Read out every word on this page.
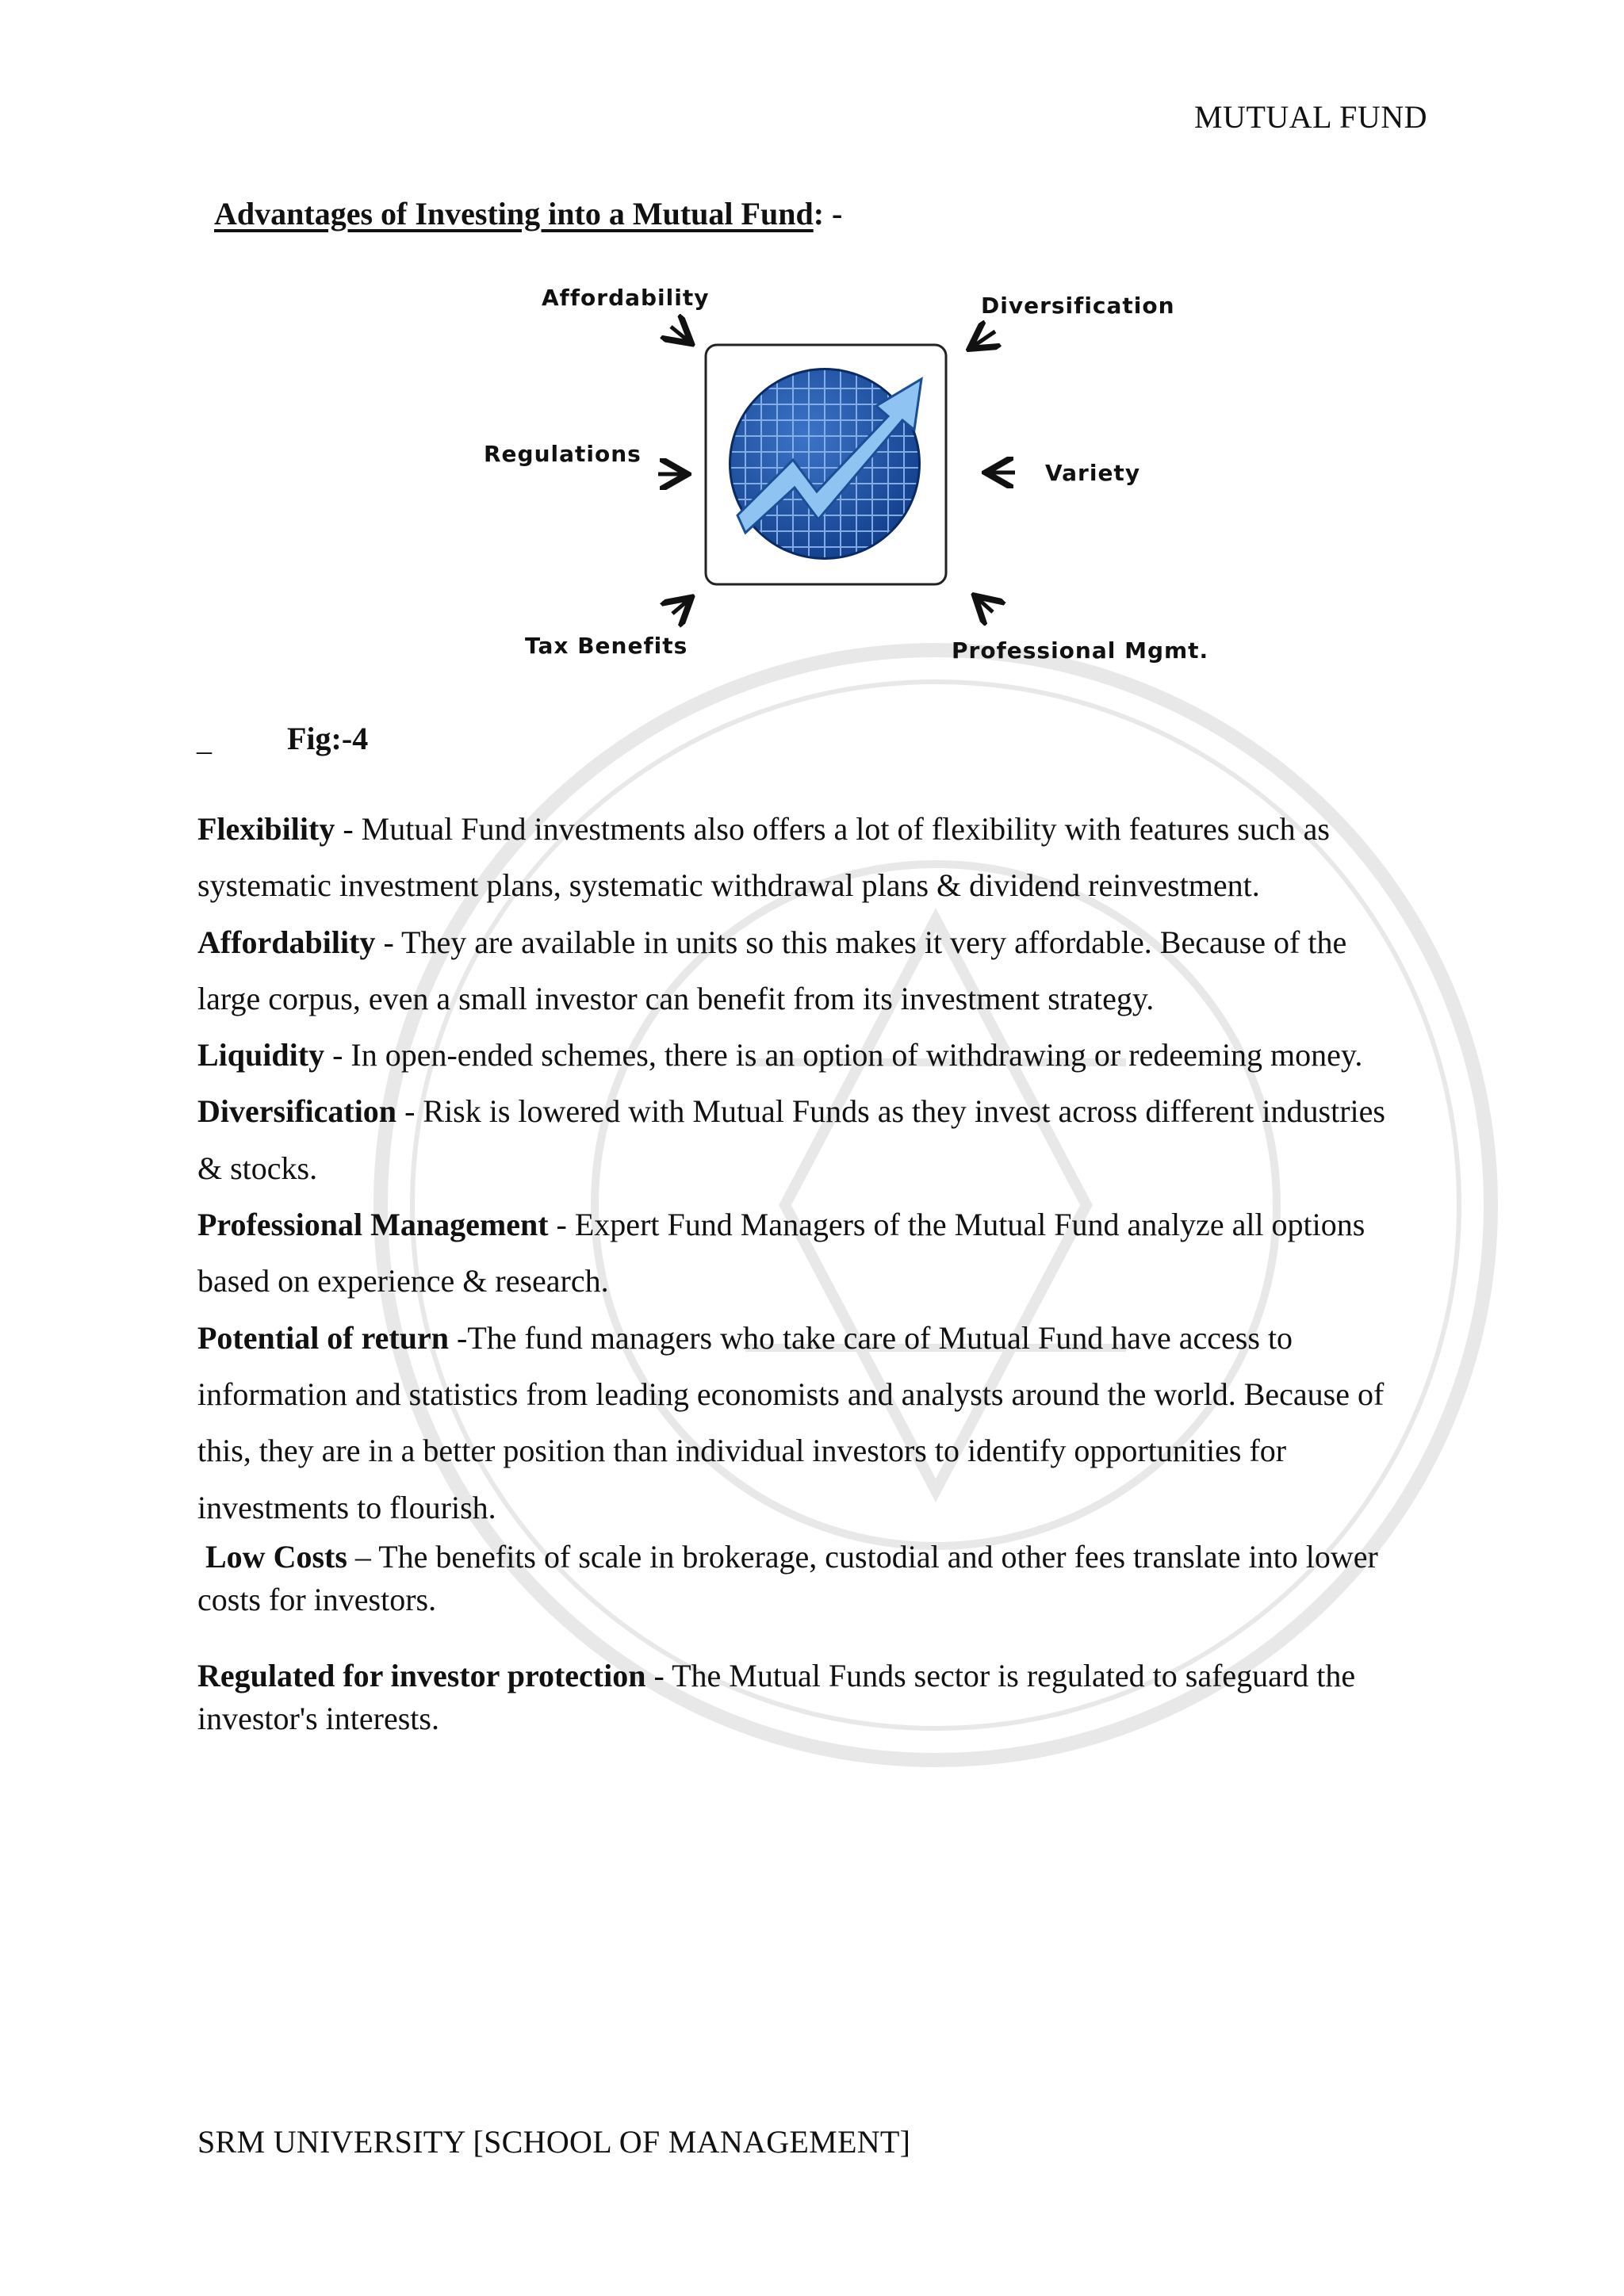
MUTUAL FUND
Advantages of Investing into a Mutual Fund: -
Affordability	Diversification
Regulations
Variety
Tax Benefits	Professional Mgmt.
_ Fig:-4

Flexibility - Mutual Fund investments also offers a lot of flexibility with features such as
systematic investment plans, systematic withdrawal plans & dividend reinvestment.

Affordability - They are available in units so this makes it very affordable. Because of the
large corpus, even a small investor can benefit from its investment strategy.

Liquidity - In open-ended schemes, there is an option of withdrawing or redeeming money.

Diversification - Risk is lowered with Mutual Funds as they invest across different industries
& stocks.

Professional Management - Expert Fund Managers of the Mutual Fund analyze all options
based on experience & research.

Potential of return -The fund managers who take care of Mutual Fund have access to
information and statistics from leading economists and analysts around the world. Because of
this, they are in a better position than individual investors to identify opportunities for
investments to flourish.

Low Costs – The benefits of scale in brokerage, custodial and other fees translate into lower
costs for investors.

Regulated for investor protection - The Mutual Funds sector is regulated to safeguard the
investor's interests.

SRM UNIVERSITY [SCHOOL OF MANAGEMENT]
